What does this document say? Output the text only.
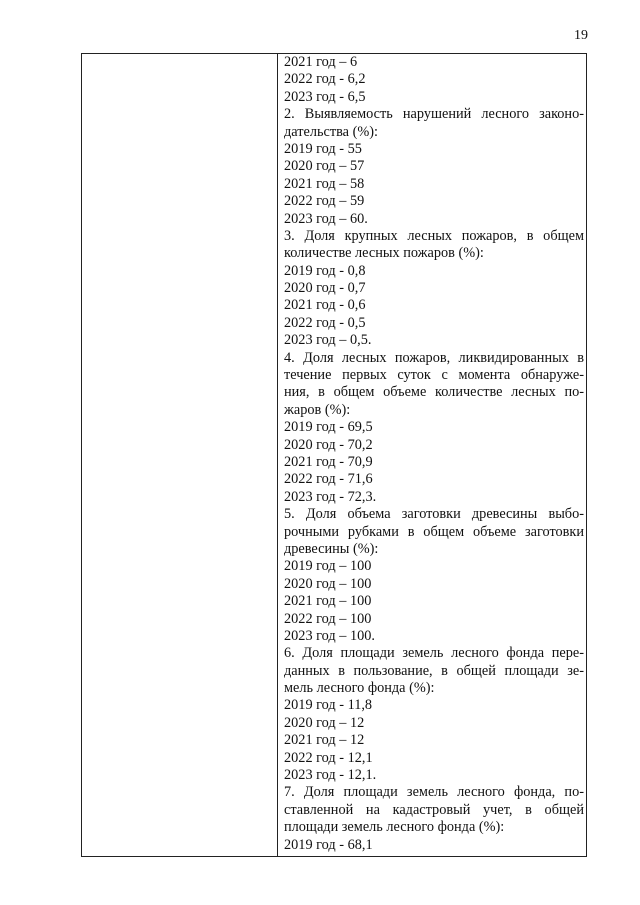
19
2021 год – 6
2022 год - 6,2
2023 год - 6,5
2. Выявляемость нарушений лесного законо-
дательства (%):
2019 год - 55
2020 год – 57
2021 год – 58
2022 год – 59
2023 год – 60.
3. Доля крупных лесных пожаров, в общем
количестве лесных пожаров (%):
2019 год - 0,8
2020 год - 0,7
2021 год - 0,6
2022 год - 0,5
2023 год – 0,5.
4. Доля лесных пожаров, ликвидированных в
течение первых суток с момента обнаруже-
ния, в общем объеме количестве лесных по-
жаров (%):
2019 год - 69,5
2020 год - 70,2
2021 год - 70,9
2022 год - 71,6
2023 год - 72,3.
5. Доля объема заготовки древесины выбо-
рочными рубками в общем объеме заготовки
древесины (%):
2019 год – 100
2020 год – 100
2021 год – 100
2022 год – 100
2023 год – 100.
6. Доля площади земель лесного фонда пере-
данных в пользование, в общей площади зе-
мель лесного фонда (%):
2019 год - 11,8
2020 год – 12
2021 год – 12
2022 год - 12,1
2023 год - 12,1.
7. Доля площади земель лесного фонда, по-
ставленной на кадастровый учет, в общей
площади земель лесного фонда (%):
2019 год - 68,1
